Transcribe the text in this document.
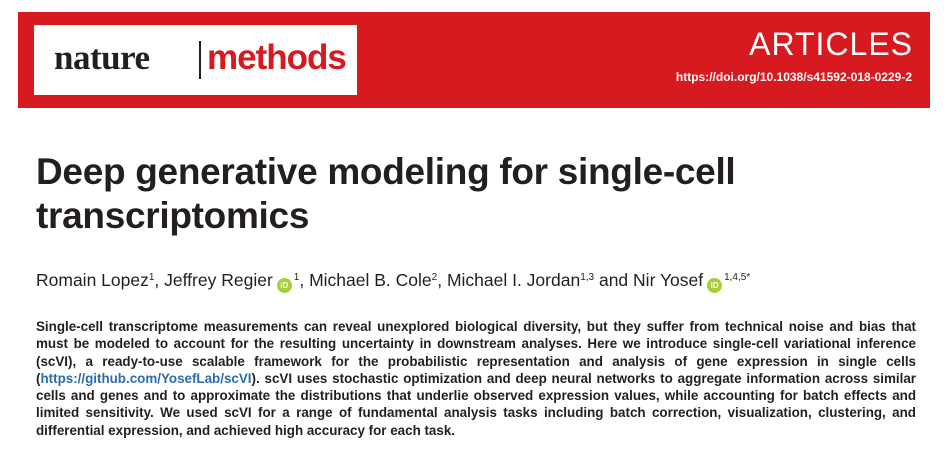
nature methods	ARTICLES
https://doi.org/10.1038/s41592-018-0229-2
Deep generative modeling for single-cell
transcriptomics
Romain Lopez$^1$, Jeffrey Regier $iD^1$, Michael B. Cole$^2$, Michael I. Jordan$^{1,3}$ and Nir Yosef $iD^{1,4,5*}$

Single-cell transcriptome measurements can reveal unexplored biological diversity, but they suffer from technical noise and bias that must be modeled to account for the resulting uncertainty in downstream analyses. Here we introduce single-cell variational inference (scVI), a ready-to-use scalable framework for the probabilistic representation and analysis of gene expression in single cells (https://github.com/YosefLab/scVI). scVI uses stochastic optimization and deep neural networks to aggregate information across similar cells and genes and to approximate the distributions that underlie observed expression values, while accounting for batch effects and limited sensitivity. We used scVI for a range of fundamental analysis tasks including batch correction, visualization, clustering, and differential expression, and achieved high accuracy for each task.
